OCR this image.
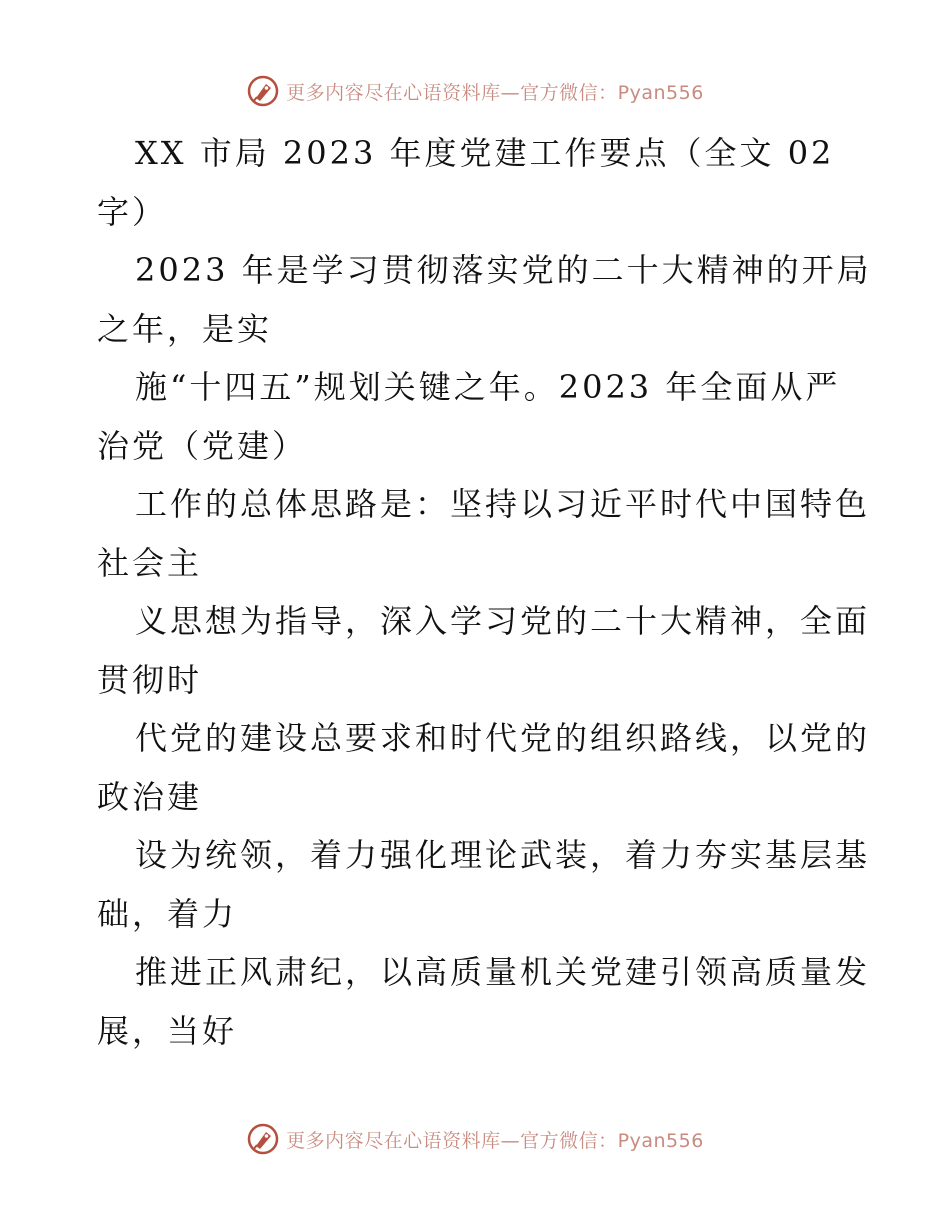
更多内容尽在心语资料库—官方微信：Pyan556
XX 市局 2023 年度党建工作要点（全文 02
字）
2023 年是学习贯彻落实党的二十大精神的开局
之年，是实
施“十四五”规划关键之年。2023 年全面从严
治党（党建）
工作的总体思路是：坚持以习近平时代中国特色
社会主
义思想为指导，深入学习党的二十大精神，全面
贯彻时
代党的建设总要求和时代党的组织路线，以党的
政治建
设为统领，着力强化理论武装，着力夯实基层基
础，着力
推进正风肃纪，以高质量机关党建引领高质量发
展，当好
更多内容尽在心语资料库—官方微信：Pyan556
